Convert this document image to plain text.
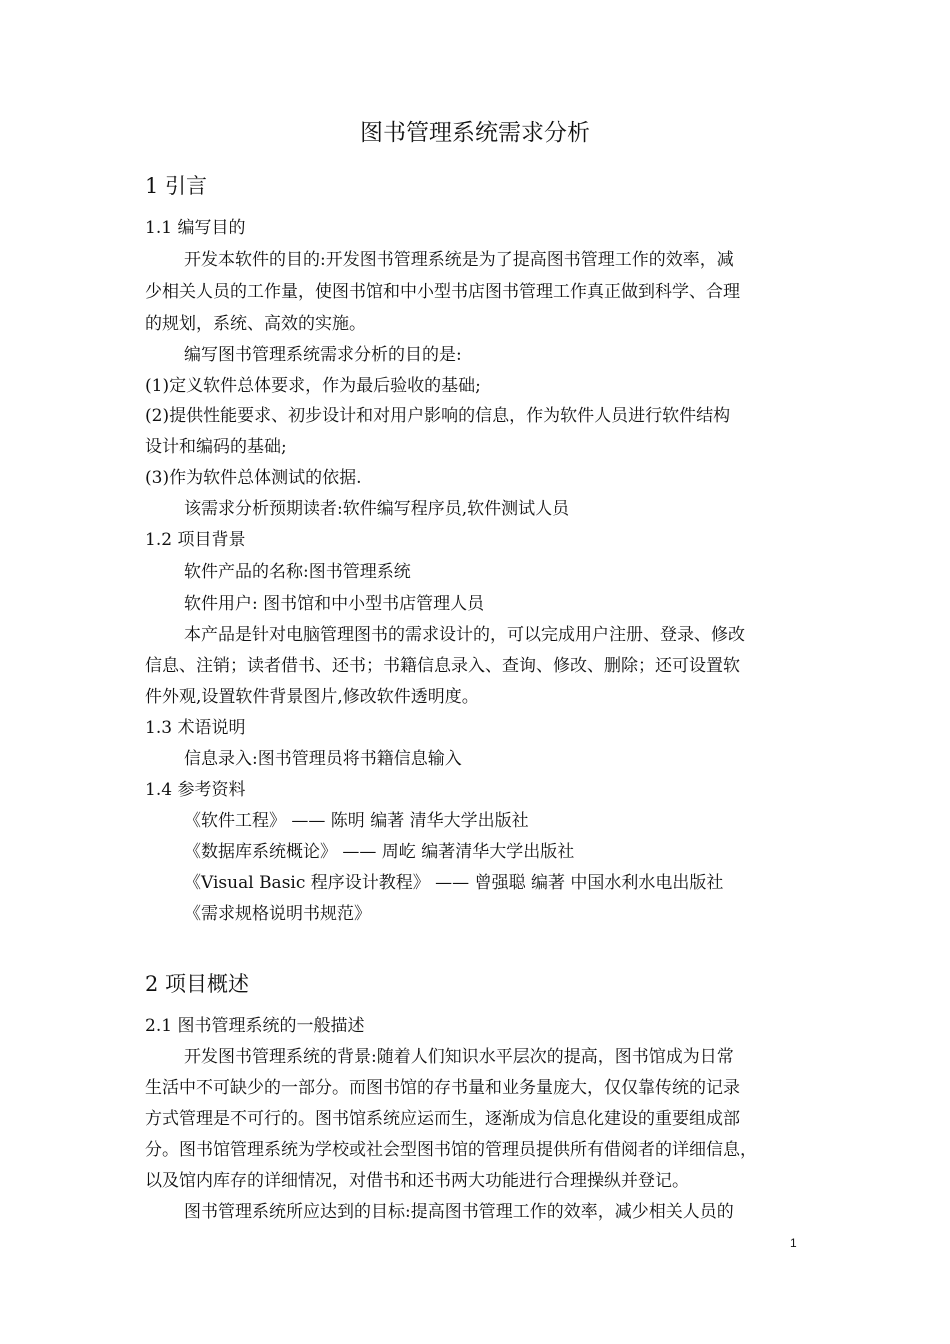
图书管理系统需求分析
1 引言
1.1 编写目的
开发本软件的目的:开发图书管理系统是为了提高图书管理工作的效率，减
少相关人员的工作量，使图书馆和中小型书店图书管理工作真正做到科学、合理
的规划，系统、高效的实施。
编写图书管理系统需求分析的目的是:
(1)定义软件总体要求，作为最后验收的基础;
(2)提供性能要求、初步设计和对用户影响的信息，作为软件人员进行软件结构
设计和编码的基础;
(3)作为软件总体测试的依据.
该需求分析预期读者:软件编写程序员,软件测试人员
1.2 项目背景
软件产品的名称:图书管理系统
软件用户: 图书馆和中小型书店管理人员
本产品是针对电脑管理图书的需求设计的，可以完成用户注册、登录、修改
信息、注销；读者借书、还书；书籍信息录入、查询、修改、删除；还可设置软
件外观,设置软件背景图片,修改软件透明度。
1.3 术语说明
信息录入:图书管理员将书籍信息输入
1.4 参考资料
《软件工程》 —— 陈明 编著 清华大学出版社
《数据库系统概论》 —— 周屹 编著清华大学出版社
《Visual Basic 程序设计教程》 —— 曾强聪 编著 中国水利水电出版社
《需求规格说明书规范》
2 项目概述
2.1 图书管理系统的一般描述
开发图书管理系统的背景:随着人们知识水平层次的提高，图书馆成为日常
生活中不可缺少的一部分。而图书馆的存书量和业务量庞大，仅仅靠传统的记录
方式管理是不可行的。图书馆系统应运而生，逐渐成为信息化建设的重要组成部
分。图书馆管理系统为学校或社会型图书馆的管理员提供所有借阅者的详细信息，
以及馆内库存的详细情况，对借书和还书两大功能进行合理操纵并登记。
图书管理系统所应达到的目标:提高图书管理工作的效率，减少相关人员的
1
